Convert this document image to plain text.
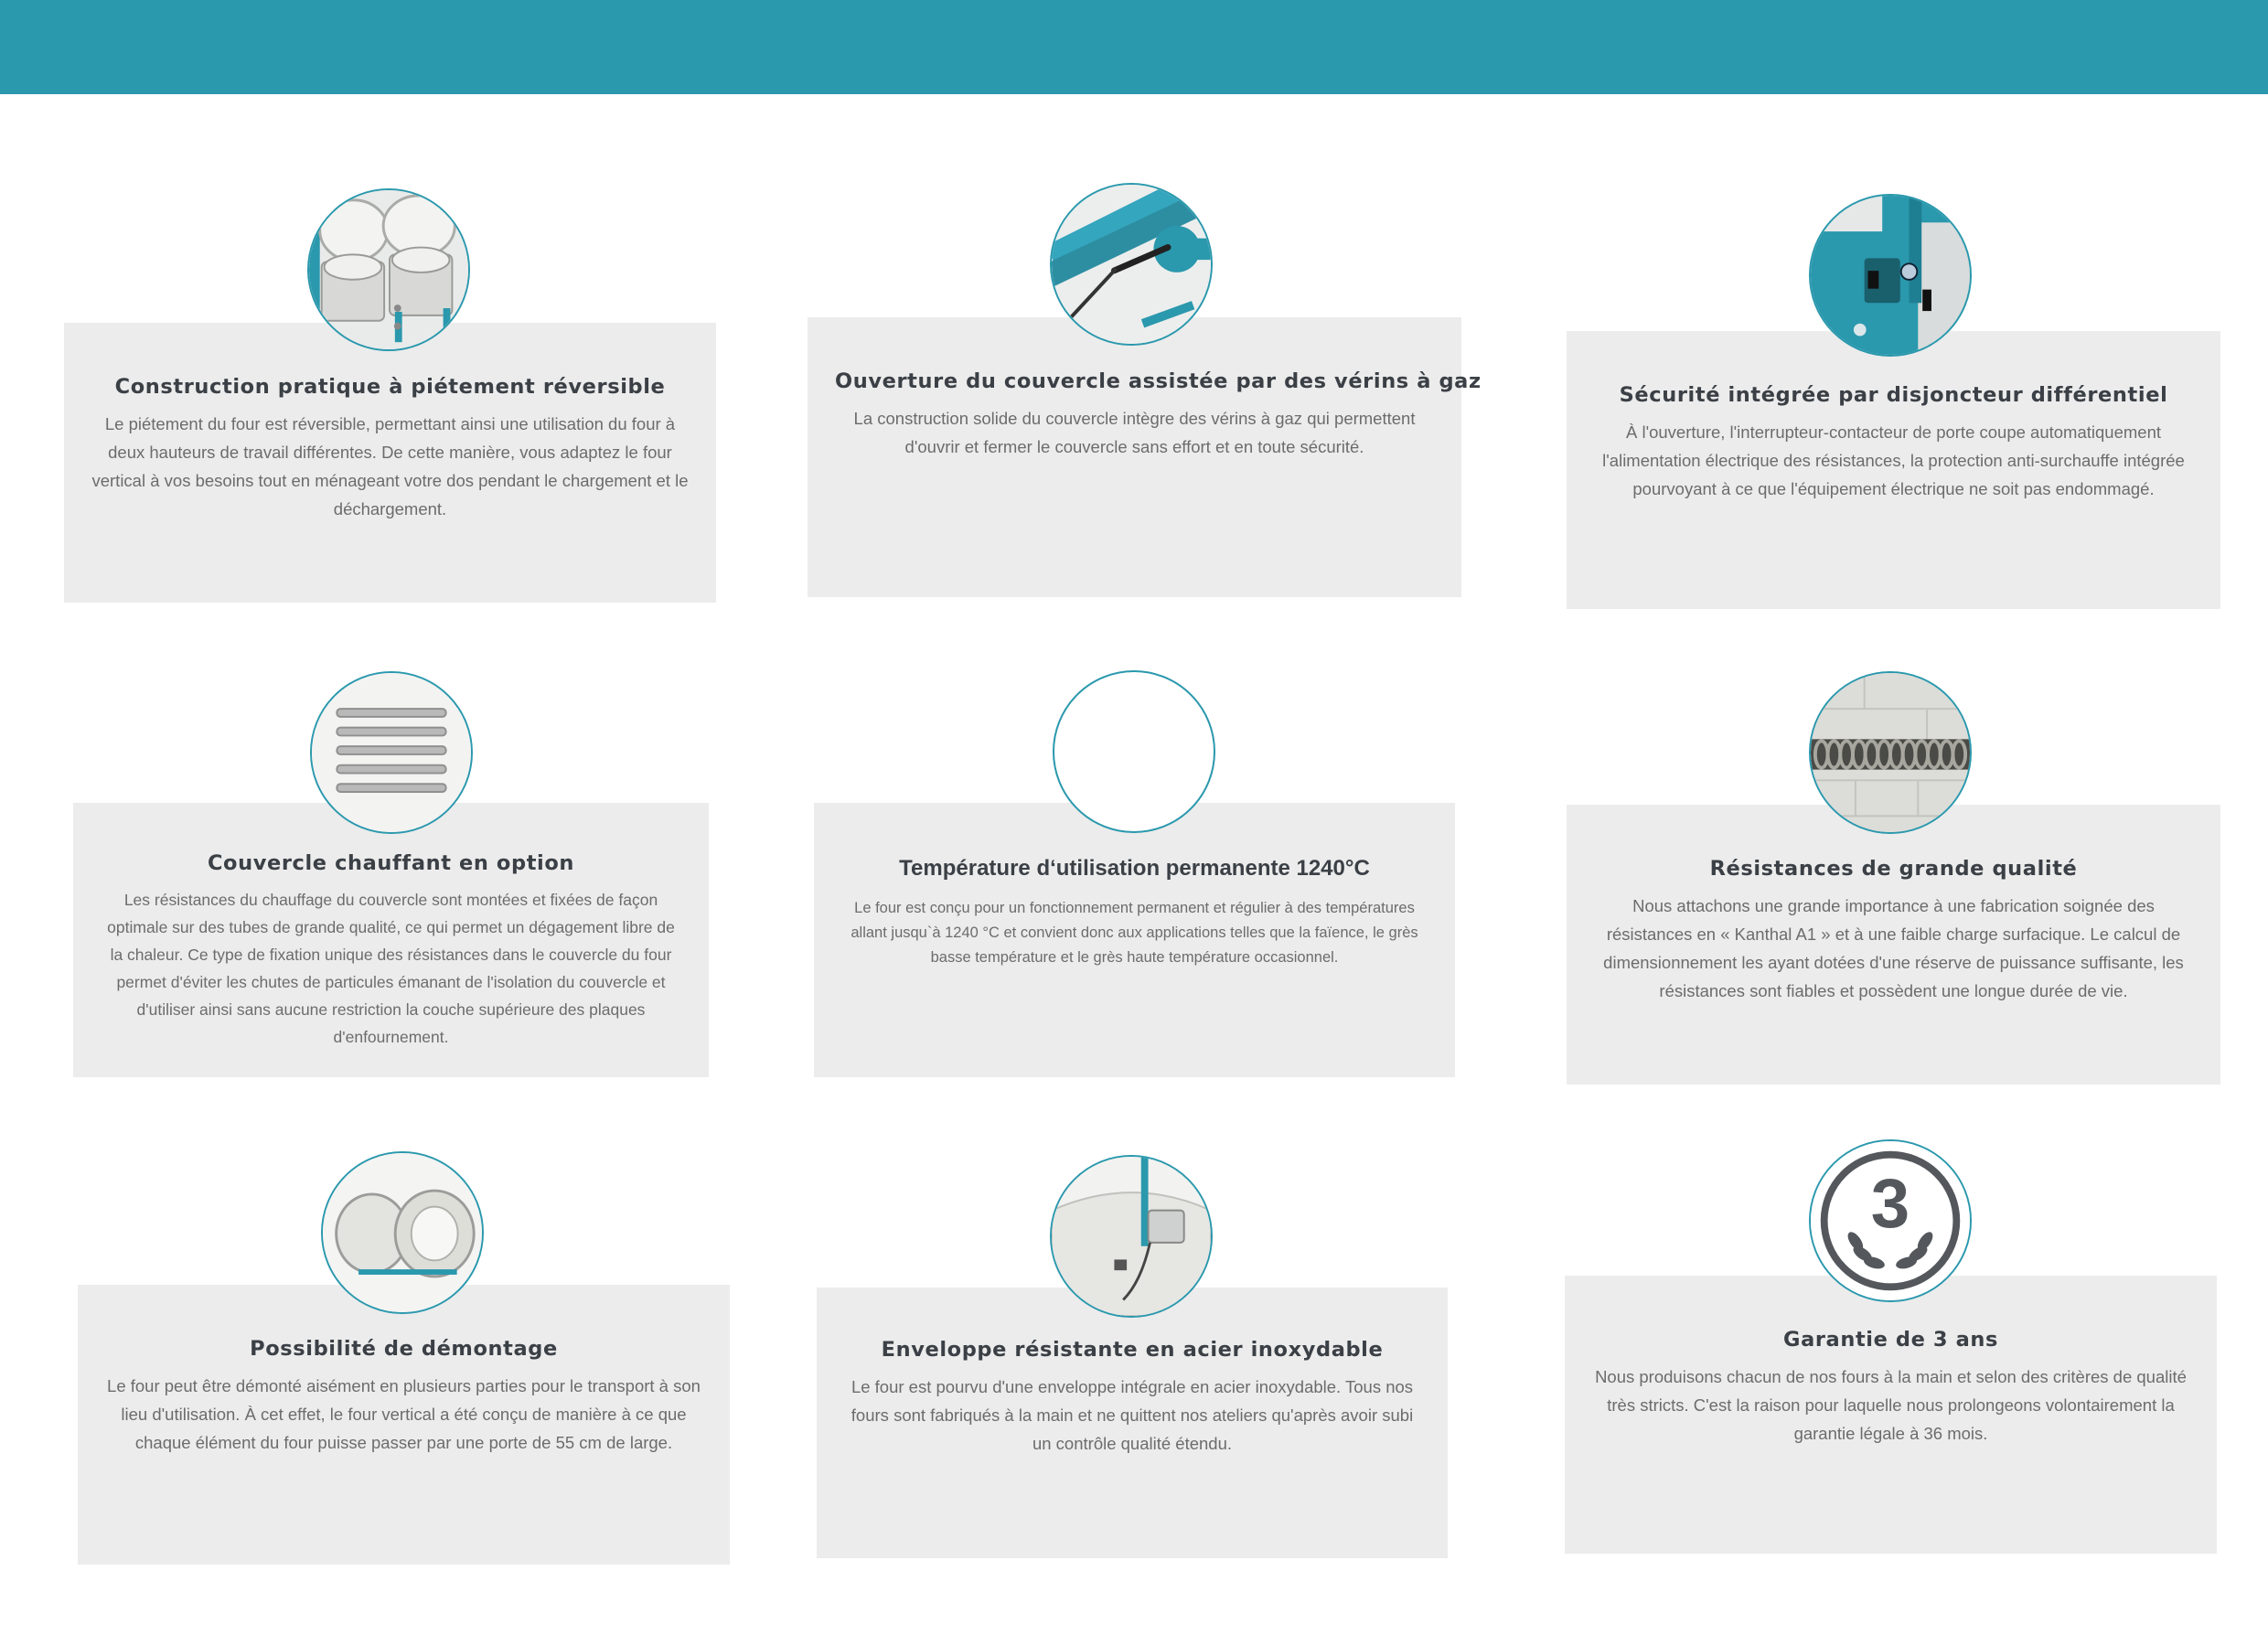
Construction pratique à piétement réversible

Le piétement du four est réversible, permettant ainsi une utilisation du four à deux hauteurs de travail différentes. De cette manière, vous adaptez le four vertical à vos besoins tout en ménageant votre dos pendant le chargement et le déchargement.

Ouverture du couvercle assistée par des vérins à gaz

La construction solide du couvercle intègre des vérins à gaz qui permettent d'ouvrir et fermer le couvercle sans effort et en toute sécurité.

Sécurité intégrée par disjoncteur différentiel

À l'ouverture, l'interrupteur-contacteur de porte coupe automatiquement l'alimentation électrique des résistances, la protection anti-surchauffe intégrée pourvoyant à ce que l'équipement électrique ne soit pas endommagé.

Couvercle chauffant en option

Les résistances du chauffage du couvercle sont montées et fixées de façon optimale sur des tubes de grande qualité, ce qui permet un dégagement libre de la chaleur. Ce type de fixation unique des résistances dans le couvercle du four permet d'éviter les chutes de particules émanant de l'isolation du couvercle et d'utiliser ainsi sans aucune restriction la couche supérieure des plaques d'enfournement.

Température d‘utilisation permanente 1240°C

Le four est conçu pour un fonctionnement permanent et régulier à des températures allant jusqu`à 1240 °C et convient donc aux applications telles que la faïence, le grès basse température et le grès haute température occasionnel.

Résistances de grande qualité

Nous attachons une grande importance à une fabrication soignée des résistances en « Kanthal A1 » et à une faible charge surfacique. Le calcul de dimensionnement les ayant dotées d'une réserve de puissance suffisante, les résistances sont fiables et possèdent une longue durée de vie.

Possibilité de démontage

Le four peut être démonté aisément en plusieurs parties pour le transport à son lieu d'utilisation. À cet effet, le four vertical a été conçu de manière à ce que chaque élément du four puisse passer par une porte de 55 cm de large.

Enveloppe résistante en acier inoxydable

Le four est pourvu d'une enveloppe intégrale en acier inoxydable. Tous nos fours sont fabriqués à la main et ne quittent nos ateliers qu'après avoir subi un contrôle qualité étendu.

Garantie de 3 ans

Nous produisons chacun de nos fours à la main et selon des critères de qualité très stricts. C'est la raison pour laquelle nous prolongeons volontairement la garantie légale à 36 mois.

3
